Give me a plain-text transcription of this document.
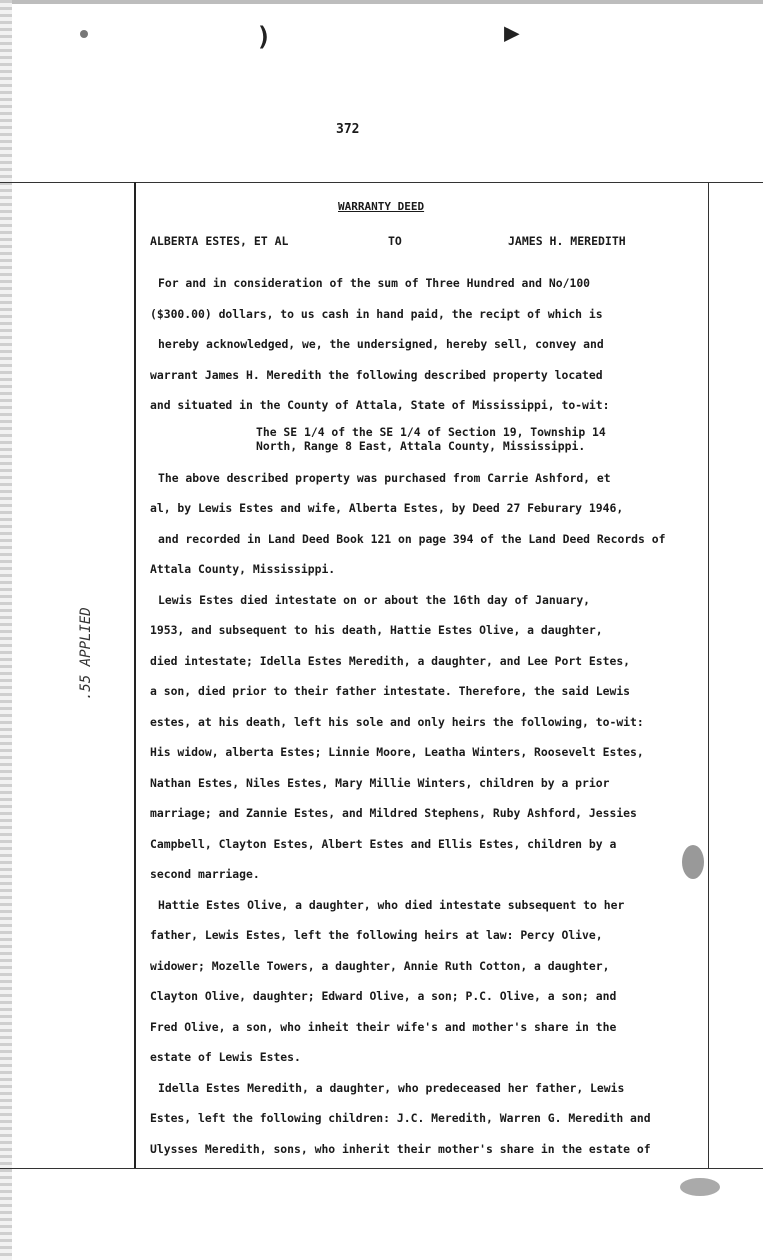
)	▶
372
.55 APPLIED
WARRANTY DEED
ALBERTA ESTES, ET AL	TO	JAMES H. MEREDITH

For and in consideration of the sum of Three Hundred and No/100

($300.00) dollars, to us cash in hand paid, the recipt of which is

hereby acknowledged, we, the undersigned, hereby sell, convey and

warrant James H. Meredith the following described property located

and situated in the County of Attala, State of Mississippi, to-wit:

The SE 1/4 of the SE 1/4 of Section 19, Township 14
North, Range 8 East, Attala County, Mississippi.

The above described property was purchased from Carrie Ashford, et

al, by Lewis Estes and wife, Alberta Estes, by Deed 27 Feburary 1946,

and recorded in Land Deed Book 121 on page 394 of the Land Deed Records of

Attala County, Mississippi.

Lewis Estes died intestate on or about the 16th day of January,

1953, and subsequent to his death, Hattie Estes Olive, a daughter,

died intestate; Idella Estes Meredith, a daughter, and Lee Port Estes,

a son, died prior to their father intestate. Therefore, the said Lewis

estes, at his death, left his sole and only heirs the following, to-wit:

His widow, alberta Estes; Linnie Moore, Leatha Winters, Roosevelt Estes,

Nathan Estes, Niles Estes, Mary Millie Winters, children by a prior

marriage; and Zannie Estes, and Mildred Stephens, Ruby Ashford, Jessies

Campbell, Clayton Estes, Albert Estes and Ellis Estes, children by a

second marriage.

Hattie Estes Olive, a daughter, who died intestate subsequent to her

father, Lewis Estes, left the following heirs at law: Percy Olive,

widower; Mozelle Towers, a daughter, Annie Ruth Cotton, a daughter,

Clayton Olive, daughter; Edward Olive, a son; P.C. Olive, a son; and

Fred Olive, a son, who inheit their wife's and mother's share in the

estate of Lewis Estes.

Idella Estes Meredith, a daughter, who predeceased her father, Lewis

Estes, left the following children: J.C. Meredith, Warren G. Meredith and

Ulysses Meredith, sons, who inherit their mother's share in the estate of
